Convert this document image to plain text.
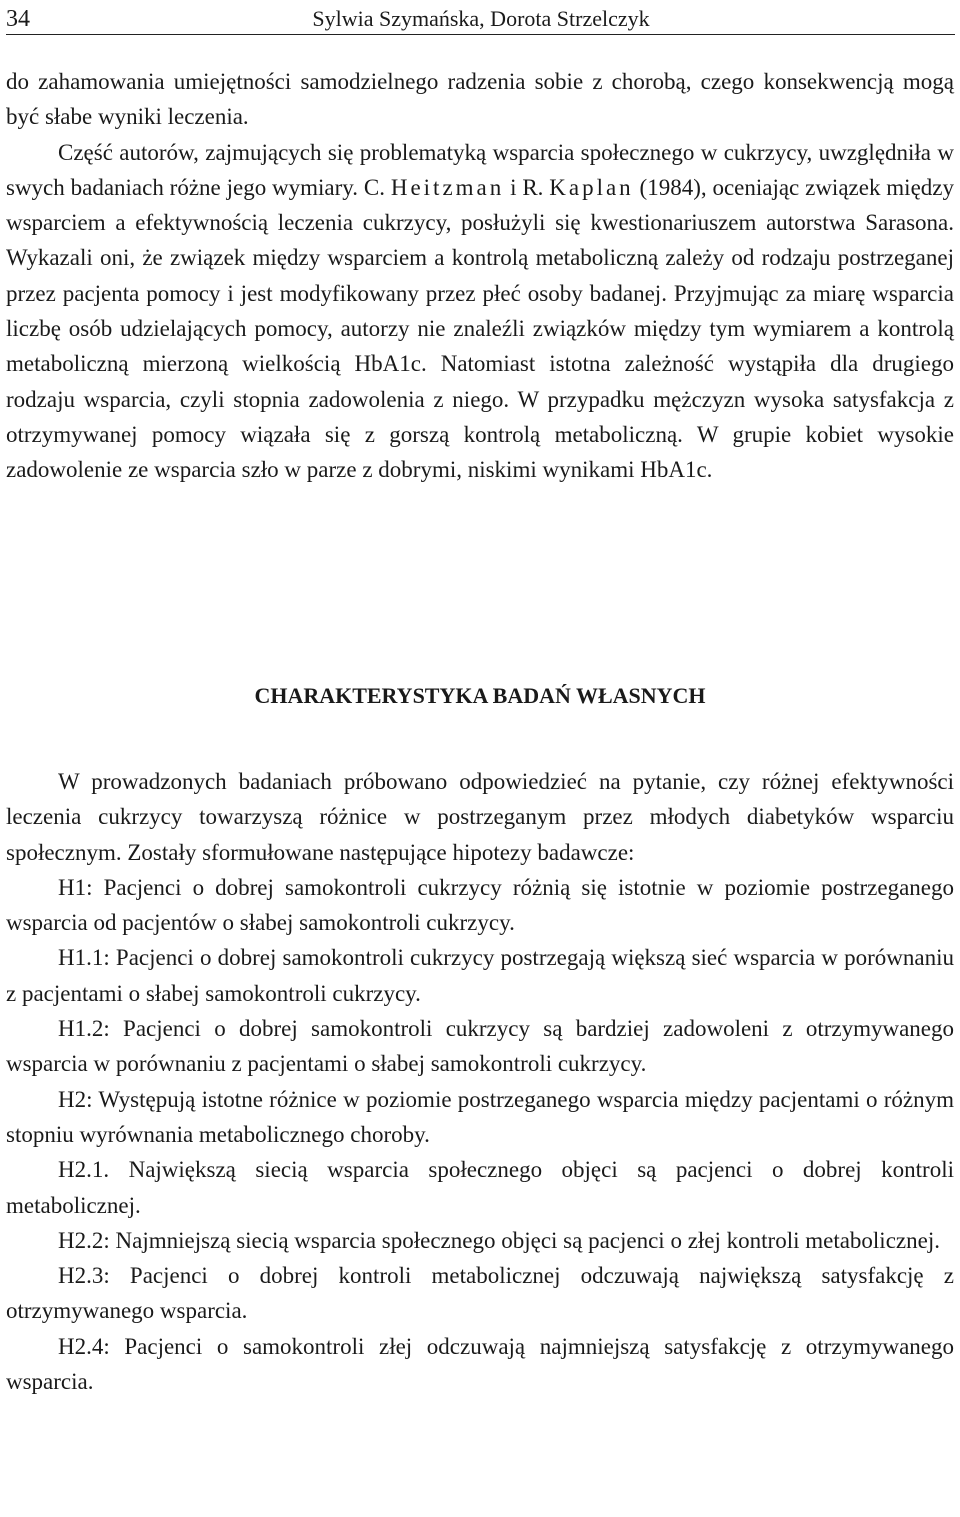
34	Sylwia Szymańska, Dorota Strzelczyk

do zahamowania umiejętności samodzielnego radzenia sobie z chorobą, czego konsekwencją mogą być słabe wyniki leczenia.

Część autorów, zajmujących się problematyką wsparcia społecznego w cukrzycy, uwzględniła w swych badaniach różne jego wymiary. C. Heitzman i R. Kaplan (1984), oceniając związek między wsparciem a efektywnością leczenia cukrzycy, posłużyli się kwestionariuszem autorstwa Sarasona. Wykazali oni, że związek między wsparciem a kontrolą metaboliczną zależy od rodzaju postrzeganej przez pacjenta pomocy i jest modyfikowany przez płeć osoby badanej. Przyjmując za miarę wsparcia liczbę osób udzielających pomocy, autorzy nie znaleźli związków między tym wymiarem a kontrolą metaboliczną mierzoną wielkością HbA1c. Natomiast istotna zależność wystąpiła dla drugiego rodzaju wsparcia, czyli stopnia zadowolenia z niego. W przypadku mężczyzn wysoka satysfakcja z otrzymywanej pomocy wiązała się z gorszą kontrolą metaboliczną. W grupie kobiet wysokie zadowolenie ze wsparcia szło w parze z dobrymi, niskimi wynikami HbA1c.

CHARAKTERYSTYKA BADAŃ WŁASNYCH

W prowadzonych badaniach próbowano odpowiedzieć na pytanie, czy różnej efektywności leczenia cukrzycy towarzyszą różnice w postrzeganym przez młodych diabetyków wsparciu społecznym. Zostały sformułowane następujące hipotezy badawcze:

H1: Pacjenci o dobrej samokontroli cukrzycy różnią się istotnie w poziomie postrzeganego wsparcia od pacjentów o słabej samokontroli cukrzycy.

H1.1: Pacjenci o dobrej samokontroli cukrzycy postrzegają większą sieć wsparcia w porównaniu z pacjentami o słabej samokontroli cukrzycy.

H1.2: Pacjenci o dobrej samokontroli cukrzycy są bardziej zadowoleni z otrzymywanego wsparcia w porównaniu z pacjentami o słabej samokontroli cukrzycy.

H2: Występują istotne różnice w poziomie postrzeganego wsparcia między pacjentami o różnym stopniu wyrównania metabolicznego choroby.

H2.1. Największą siecią wsparcia społecznego objęci są pacjenci o dobrej kontroli metabolicznej.

H2.2: Najmniejszą siecią wsparcia społecznego objęci są pacjenci o złej kontroli metabolicznej.

H2.3: Pacjenci o dobrej kontroli metabolicznej odczuwają największą satysfakcję z otrzymywanego wsparcia.

H2.4: Pacjenci o samokontroli złej odczuwają najmniejszą satysfakcję z otrzymywanego wsparcia.
